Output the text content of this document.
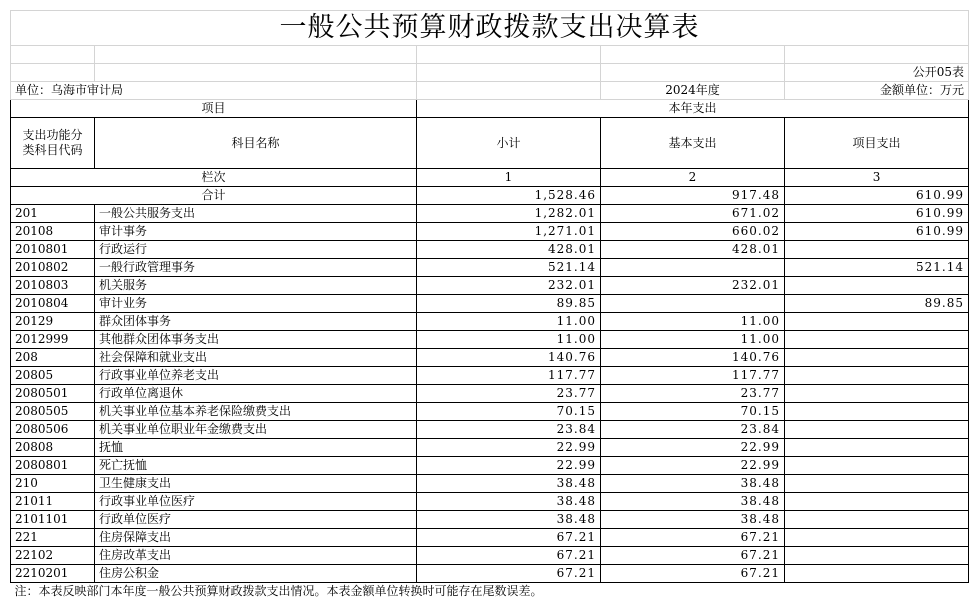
一般公共预算财政拨款支出决算表				

				公开05表
单位：乌海市审计局			2024年度	金额单位：万元
项目		本年支出		
支出功能分类科目代码	科目名称	小计	基本支出	项目支出
栏次		1	2	3
合计		1,528.46	917.48	610.99
201	一般公共服务支出	1,282.01	671.02	610.99
20108	审计事务	1,271.01	660.02	610.99
2010801	行政运行	428.01	428.01	
2010802	一般行政管理事务	521.14		521.14
2010803	机关服务	232.01	232.01	
2010804	审计业务	89.85		89.85
20129	群众团体事务	11.00	11.00	
2012999	其他群众团体事务支出	11.00	11.00	
208	社会保障和就业支出	140.76	140.76	
20805	行政事业单位养老支出	117.77	117.77	
2080501	行政单位离退休	23.77	23.77	
2080505	机关事业单位基本养老保险缴费支出	70.15	70.15	
2080506	机关事业单位职业年金缴费支出	23.84	23.84	
20808	抚恤	22.99	22.99	
2080801	死亡抚恤	22.99	22.99	
210	卫生健康支出	38.48	38.48	
21011	行政事业单位医疗	38.48	38.48	
2101101	行政单位医疗	38.48	38.48	
221	住房保障支出	67.21	67.21	
22102	住房改革支出	67.21	67.21	
2210201	住房公积金	67.21	67.21	
注：本表反映部门本年度一般公共预算财政拨款支出情况。本表金额单位转换时可能存在尾数误差。				
